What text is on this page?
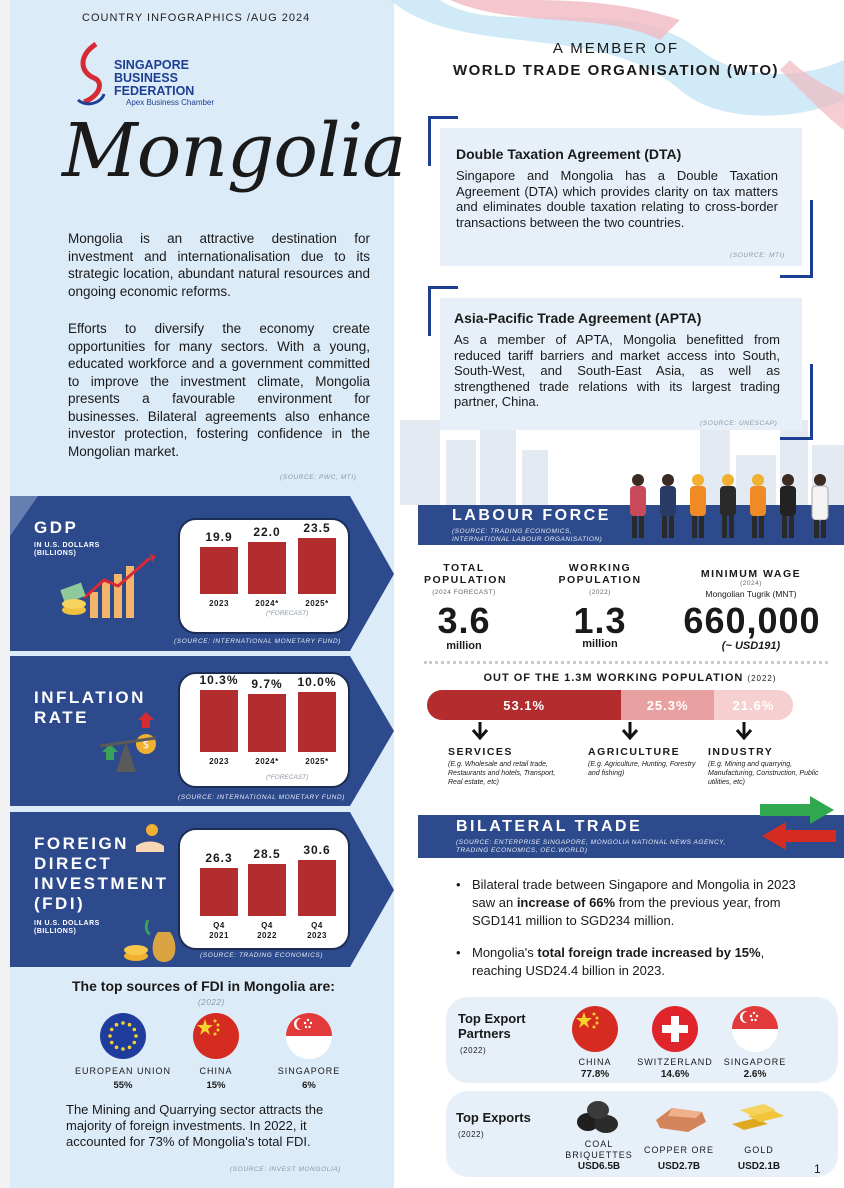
COUNTRY INFOGRAPHICS /AUG 2024
SINGAPORE
BUSINESS
FEDERATION
Apex Business Chamber
Mongolia
Mongolia is an attractive destination for investment and internationalisation due to its strategic location, abundant natural resources and ongoing economic reforms.
Efforts to diversify the economy create opportunities for many sectors. With a young, educated workforce and a government committed to improve the investment climate, Mongolia presents a favourable environment for businesses. Bilateral agreements also enhance investor protection, fostering confidence in the Mongolian market.
(SOURCE: PWC, MTI)
GDP
IN U.S. DOLLARS
(BILLIONS)
19.9
2023
22.0
2024*
23.5
2025*
(*FORECAST)
(SOURCE: INTERNATIONAL MONETARY FUND)
INFLATION
RATE
$
10.3%
2023
9.7%
2024*
10.0%
2025*
(*FORECAST)
(SOURCE: INTERNATIONAL MONETARY FUND)
FOREIGN
DIRECT
INVESTMENT
(FDI)
IN U.S. DOLLARS
(BILLIONS)
26.3
2021
Q4
28.5
2022
Q4
30.6
2023
Q4
(SOURCE: TRADING ECONOMICS)
The top sources of FDI in Mongolia are:
(2022)
EUROPEAN UNION
55%
CHINA
15%
SINGAPORE
6%
The Mining and Quarrying sector attracts the majority of foreign investments. In 2022, it accounted for 73% of Mongolia's total FDI.
(SOURCE: INVEST MONGOLIA)
A MEMBER OF
WORLD TRADE ORGANISATION (WTO)
Double Taxation Agreement (DTA)
Singapore and Mongolia has a Double Taxation Agreement (DTA) which provides clarity on tax matters and eliminates double taxation relating to cross-border transactions between the two countries.
(SOURCE: MTI)
Asia-Pacific Trade Agreement (APTA)
As a member of APTA, Mongolia benefitted from reduced tariff barriers and market access into South, South-West, and South-East Asia, as well as strengthened trade relations with its largest trading partner, China.
(SOURCE: UNESCAP)
LABOUR FORCE
(SOURCE: TRADING ECONOMICS,
INTERNATIONAL LABOUR ORGANISATION)
TOTAL
POPULATION
(2024 FORECAST)
3.6
million
WORKING
POPULATION
(2022)
1.3
million
MINIMUM WAGE
(2024)
Mongolian Tugrik (MNT)
660,000
(~ USD191)
OUT OF THE 1.3M WORKING POPULATION (2022)
53.1%	25.3%	21.6%
SERVICES
(E.g. Wholesale and retail trade, Restaurants and hotels, Transport, Real estate, etc)
AGRICULTURE
(E.g. Agriculture, Hunting, Forestry and fishing)
INDUSTRY
(E.g. Mining and quarrying, Manufacturing, Construction, Public utilities, etc)
BILATERAL TRADE
(SOURCE: ENTERPRISE SINGAPORE, MONGOLIA NATIONAL NEWS AGENCY,
TRADING ECONOMICS, OEC.WORLD)
• Bilateral trade between Singapore and Mongolia in 2023 saw an increase of 66% from the previous year, from SGD141 million to SGD234 million.
• Mongolia's total foreign trade increased by 15%, reaching USD24.4 billion in 2023.
Top Export
Partners
(2022)
CHINA
77.8%
SWITZERLAND
14.6%
SINGAPORE
2.6%
Top Exports
(2022)
COAL
BRIQUETTES
USD6.5B
COPPER ORE
USD2.7B
GOLD
USD2.1B	1
